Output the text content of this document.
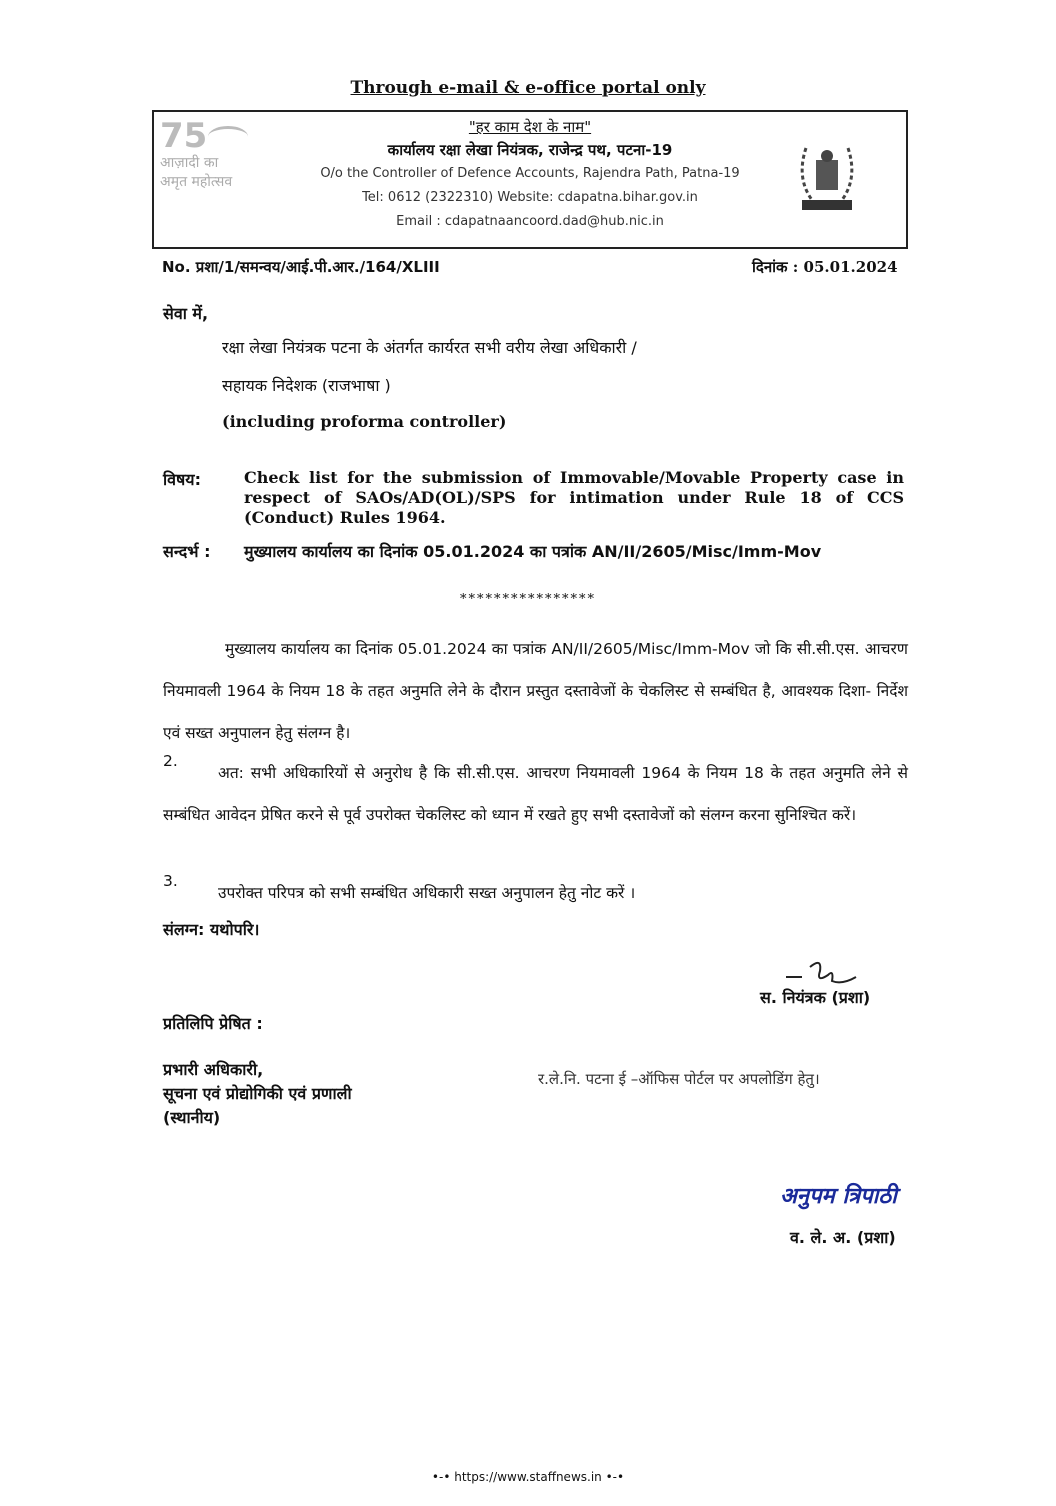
Through e-mail & e-office portal only
75
आज़ादी का
अमृत महोत्सव
"हर काम देश के नाम"
कार्यालय रक्षा लेखा नियंत्रक, राजेन्द्र पथ, पटना-19
O/o the Controller of Defence Accounts, Rajendra Path, Patna-19
Tel: 0612 (2322310) Website: cdapatna.bihar.gov.in
Email : cdapatnaancoord.dad@hub.nic.in
No. प्रशा/1/समन्वय/आई.पी.आर./164/XLIII	दिनांक : 05.01.2024
सेवा में,
रक्षा लेखा नियंत्रक पटना के अंतर्गत कार्यरत सभी वरीय लेखा अधिकारी /
सहायक निदेशक (राजभाषा )
(including proforma controller)
विषय:	Check list for the submission of Immovable/Movable Property case in respect of SAOs/AD(OL)/SPS for intimation under Rule 18 of CCS (Conduct) Rules 1964.
सन्दर्भ : मुख्यालय कार्यालय का दिनांक 05.01.2024 का पत्रांक AN/II/2605/Misc/Imm-Mov
****************
मुख्यालय कार्यालय का दिनांक 05.01.2024 का पत्रांक AN/II/2605/Misc/Imm-Mov जो कि सी.सी.एस. आचरण नियमावली 1964 के नियम 18 के तहत अनुमति लेने के दौरान प्रस्तुत दस्तावेजों के चेकलिस्ट से सम्बंधित है, आवश्यक दिशा- निर्देश एवं सख्त अनुपालन हेतु संलग्न है।
2.
अत: सभी अधिकारियों से अनुरोध है कि सी.सी.एस. आचरण नियमावली 1964 के नियम 18 के तहत अनुमति लेने से सम्बंधित आवेदन प्रेषित करने से पूर्व उपरोक्त चेकलिस्ट को ध्यान में रखते हुए सभी दस्तावेजों को संलग्न करना सुनिश्चित करें।
3.
उपरोक्त परिपत्र को सभी सम्बंधित अधिकारी सख्त अनुपालन हेतु नोट करें ।
संलग्न: यथोपरि।
स. नियंत्रक (प्रशा)
प्रतिलिपि प्रेषित :
प्रभारी अधिकारी,
सूचना एवं प्रोद्योगिकी एवं प्रणाली
(स्थानीय)
र.ले.नि. पटना ई –ऑफिस पोर्टल पर अपलोडिंग हेतु।
अनुपम त्रिपाठी
व. ले. अ. (प्रशा)
•-• https://www.staffnews.in •-•
